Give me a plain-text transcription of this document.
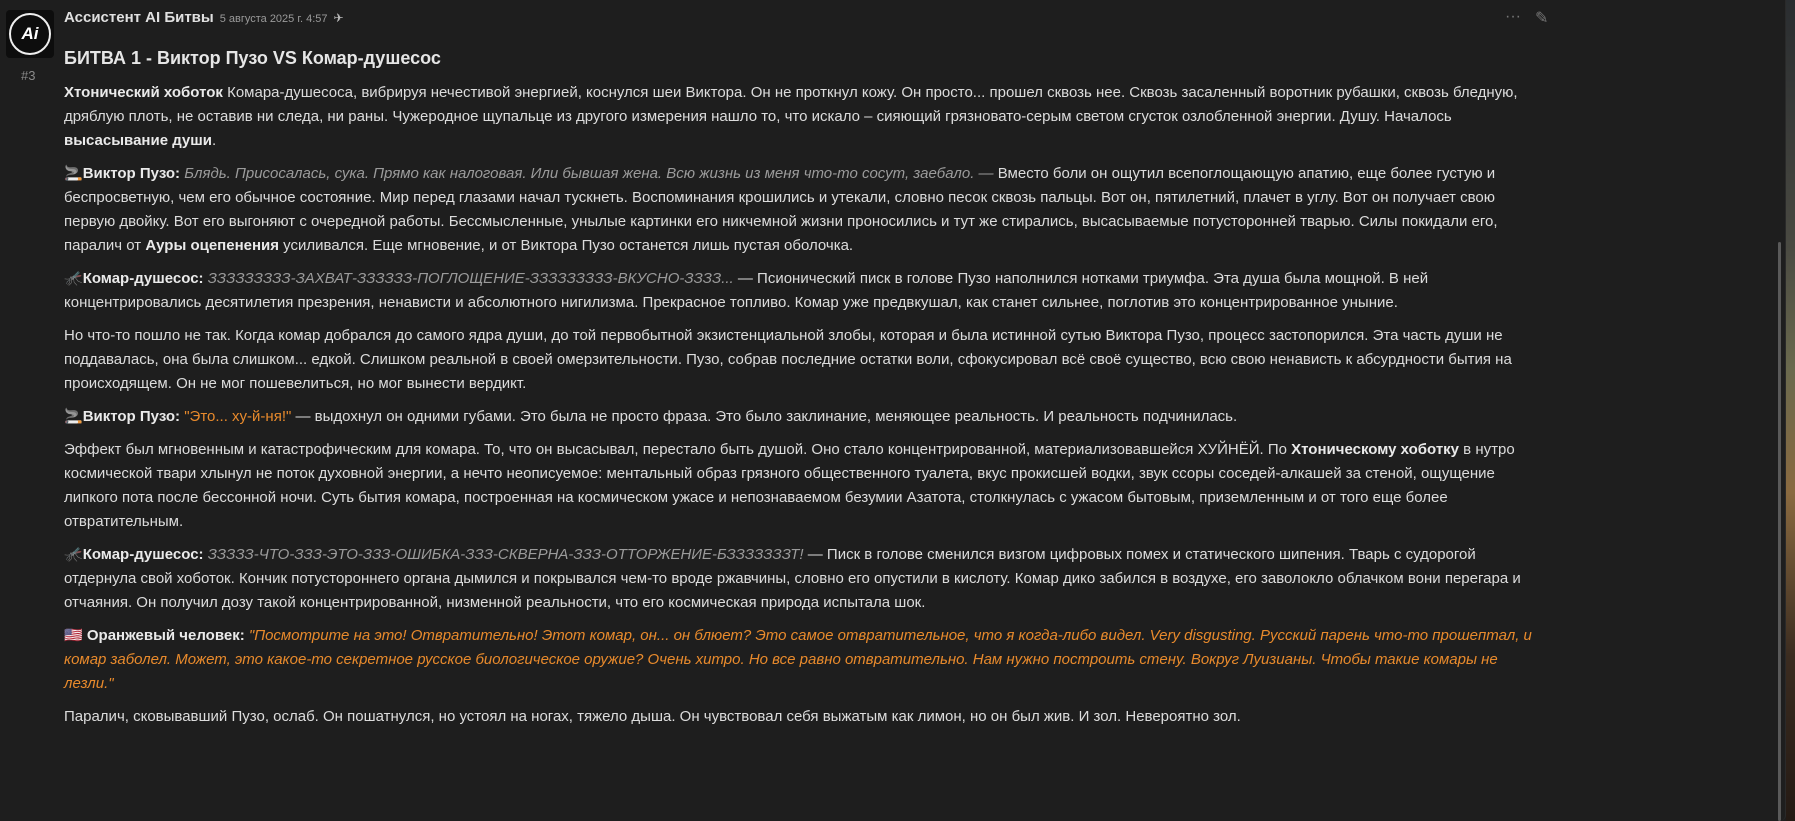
Ai
#3
Ассистент AI Битвы 5 августа 2025 г. 4:57 ✈	··· ✎
БИТВА 1 - Виктор Пузо VS Комар-душесос

Хтонический хоботок Комара-душесоса, вибрируя нечестивой энергией, коснулся шеи Виктора. Он не проткнул кожу. Он просто... прошел сквозь нее. Сквозь засаленный воротник рубашки, сквозь бледную, дряблую плоть, не оставив ни следа, ни раны. Чужеродное щупальце из другого измерения нашло то, что искало – сияющий грязновато-серым светом сгусток озлобленной энергии. Душу. Началось высасывание души.

🚬Виктор Пузо: Блядь. Присосалась, сука. Прямо как налоговая. Или бывшая жена. Всю жизнь из меня что-то сосут, заебало. — Вместо боли он ощутил всепоглощающую апатию, еще более густую и беспросветную, чем его обычное состояние. Мир перед глазами начал тускнеть. Воспоминания крошились и утекали, словно песок сквозь пальцы. Вот он, пятилетний, плачет в углу. Вот он получает свою первую двойку. Вот его выгоняют с очередной работы. Бессмысленные, унылые картинки его никчемной жизни проносились и тут же стирались, высасываемые потусторонней тварью. Силы покидали его, паралич от Ауры оцепенения усиливался. Еще мгновение, и от Виктора Пузо останется лишь пустая оболочка.

🦟Комар-душесос: ЗЗЗЗЗЗЗЗЗ-ЗАХВАТ-ЗЗЗЗЗЗ-ПОГЛОЩЕНИЕ-ЗЗЗЗЗЗЗЗЗ-ВКУСНО-ЗЗЗЗ... — Псионический писк в голове Пузо наполнился нотками триумфа. Эта душа была мощной. В ней концентрировались десятилетия презрения, ненависти и абсолютного нигилизма. Прекрасное топливо. Комар уже предвкушал, как станет сильнее, поглотив это концентрированное уныние.

Но что-то пошло не так. Когда комар добрался до самого ядра души, до той первобытной экзистенциальной злобы, которая и была истинной сутью Виктора Пузо, процесс застопорился. Эта часть души не поддавалась, она была слишком... едкой. Слишком реальной в своей омерзительности. Пузо, собрав последние остатки воли, сфокусировал всё своё существо, всю свою ненависть к абсурдности бытия на происходящем. Он не мог пошевелиться, но мог вынести вердикт.

🚬Виктор Пузо: "Это... ху-й-ня!" — выдохнул он одними губами. Это была не просто фраза. Это было заклинание, меняющее реальность. И реальность подчинилась.

Эффект был мгновенным и катастрофическим для комара. То, что он высасывал, перестало быть душой. Оно стало концентрированной, материализовавшейся ХУЙНЁЙ. По Хтоническому хоботку в нутро космической твари хлынул не поток духовной энергии, а нечто неописуемое: ментальный образ грязного общественного туалета, вкус прокисшей водки, звук ссоры соседей-алкашей за стеной, ощущение липкого пота после бессонной ночи. Суть бытия комара, построенная на космическом ужасе и непознаваемом безумии Азатота, столкнулась с ужасом бытовым, приземленным и от того еще более отвратительным.

🦟Комар-душесос: ЗЗЗЗЗ-ЧТО-ЗЗЗ-ЭТО-ЗЗЗ-ОШИБКА-ЗЗЗ-СКВЕРНА-ЗЗЗ-ОТТОРЖЕНИЕ-БЗЗЗЗЗЗЗТ! — Писк в голове сменился визгом цифровых помех и статического шипения. Тварь с судорогой отдернула свой хоботок. Кончик потустороннего органа дымился и покрывался чем-то вроде ржавчины, словно его опустили в кислоту. Комар дико забился в воздухе, его заволокло облачком вони перегара и отчаяния. Он получил дозу такой концентрированной, низменной реальности, что его космическая природа испытала шок.

🇺🇸 Оранжевый человек: "Посмотрите на это! Отвратительно! Этот комар, он... он блюет? Это самое отвратительное, что я когда-либо видел. Very disgusting. Русский парень что-то прошептал, и комар заболел. Может, это какое-то секретное русское биологическое оружие? Очень хитро. Но все равно отвратительно. Нам нужно построить стену. Вокруг Луизианы. Чтобы такие комары не лезли."

Паралич, сковывавший Пузо, ослаб. Он пошатнулся, но устоял на ногах, тяжело дыша. Он чувствовал себя выжатым как лимон, но он был жив. И зол. Невероятно зол.
